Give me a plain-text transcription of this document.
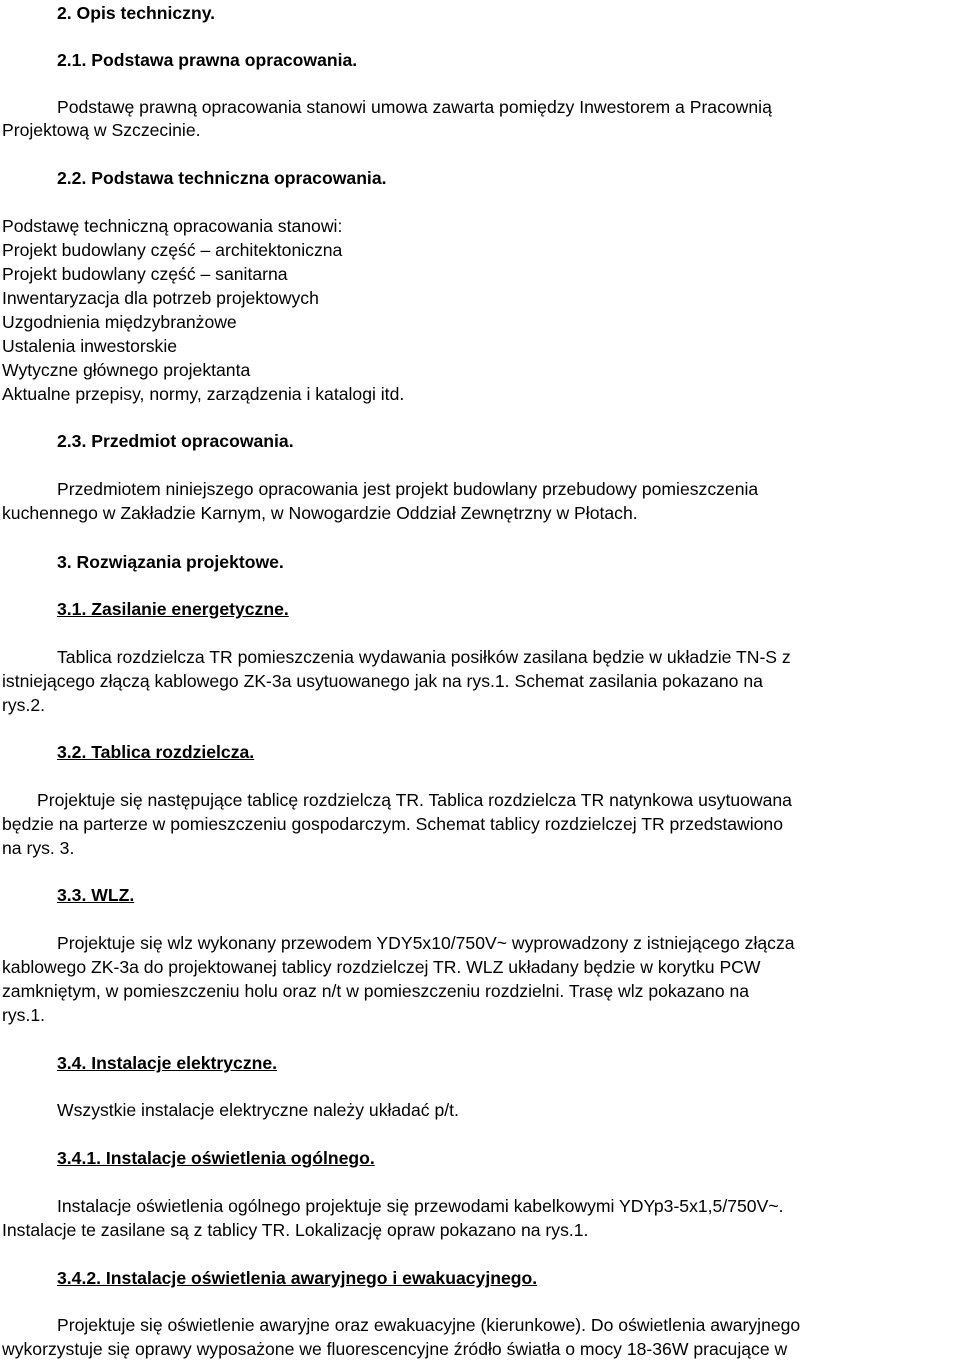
2. Opis techniczny.
2.1. Podstawa prawna opracowania.
Podstawę prawną opracowania stanowi umowa zawarta pomiędzy Inwestorem a Pracownią
Projektową w Szczecinie.
2.2. Podstawa techniczna opracowania.
Podstawę techniczną opracowania stanowi:
Projekt budowlany część – architektoniczna
Projekt budowlany część – sanitarna
Inwentaryzacja dla potrzeb projektowych
Uzgodnienia międzybranżowe
Ustalenia inwestorskie
Wytyczne głównego projektanta
Aktualne przepisy, normy, zarządzenia i katalogi itd.
2.3. Przedmiot opracowania.
Przedmiotem niniejszego opracowania jest projekt budowlany przebudowy pomieszczenia
kuchennego w Zakładzie Karnym, w Nowogardzie Oddział Zewnętrzny w Płotach.
3. Rozwiązania projektowe.
3.1. Zasilanie energetyczne.
Tablica rozdzielcza TR pomieszczenia wydawania posiłków zasilana będzie w układzie TN-S z
istniejącego złączą kablowego ZK-3a usytuowanego jak na rys.1. Schemat zasilania pokazano na
rys.2.
3.2. Tablica rozdzielcza.
Projektuje się następujące tablicę rozdzielczą TR. Tablica rozdzielcza TR natynkowa usytuowana
będzie na parterze w pomieszczeniu gospodarczym. Schemat tablicy rozdzielczej TR przedstawiono
na rys. 3.
3.3. WLZ.
Projektuje się wlz wykonany przewodem YDY5x10/750V~ wyprowadzony z istniejącego złącza
kablowego ZK-3a do projektowanej tablicy rozdzielczej TR. WLZ układany będzie w korytku PCW
zamkniętym, w pomieszczeniu holu oraz n/t w pomieszczeniu rozdzielni. Trasę wlz pokazano na
rys.1.
3.4. Instalacje elektryczne.
Wszystkie instalacje elektryczne należy układać p/t.
3.4.1. Instalacje oświetlenia ogólnego.
Instalacje oświetlenia ogólnego projektuje się przewodami kabelkowymi YDYp3-5x1,5/750V~.
Instalacje te zasilane są z tablicy TR. Lokalizację opraw pokazano na rys.1.
3.4.2. Instalacje oświetlenia awaryjnego i ewakuacyjnego.
Projektuje się oświetlenie awaryjne oraz ewakuacyjne (kierunkowe). Do oświetlenia awaryjnego
wykorzystuje się oprawy wyposażone we fluorescencyjne źródło światła o mocy 18-36W pracujące w
